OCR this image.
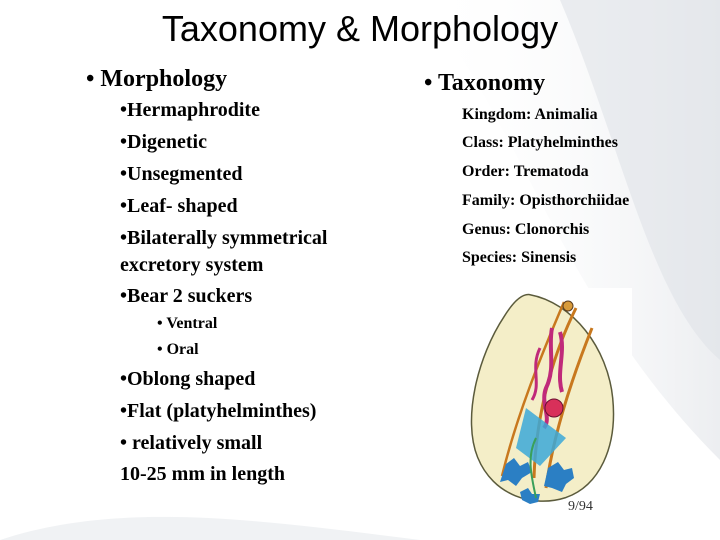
Taxonomy & Morphology
• Morphology	• Taxonomy
•Hermaphrodite
•Digenetic
•Unsegmented
•Leaf- shaped
•Bilaterally symmetrical
excretory system
•Bear 2 suckers
• Ventral
• Oral
•Oblong shaped
•Flat (platyhelminthes)
• relatively small
10-25 mm in length
Kingdom: Animalia
Class: Platyhelminthes
Order: Trematoda
Family: Opisthorchiidae
Genus: Clonorchis
Species: Sinensis
9/94
